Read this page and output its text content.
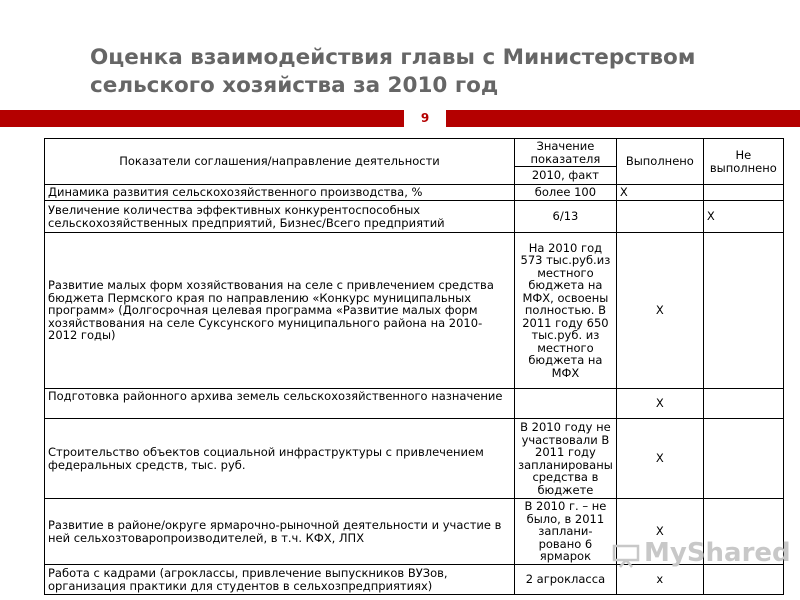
Оценка взаимодействия главы с Министерством
сельского хозяйства за 2010 год
9
Показатели соглашения/направление деятельности	Значение показателя	Выполнено	Не выполнено
	2010, факт		
Динамика развития сельскохозяйственного производства, %	более 100	Х	
Увеличение количества эффективных конкурентоспособных сельскохозяйственных предприятий, Бизнес/Всего предприятий	6/13		Х
Развитие малых форм хозяйствования на селе с привлечением средства бюджета Пермского края по направлению «Конкурс муниципальных программ» (Долгосрочная целевая программа «Развитие малых форм хозяйствования на селе Суксунского муниципального района на 2010-2012 годы)	На 2010 год 573 тыс.руб.из местного бюджета на МФХ, освоены полностью. В 2011 году 650 тыс.руб. из местного бюджета на МФХ	Х	
Подготовка районного архива земель сельскохозяйственного назначение		Х	
Строительство объектов социальной инфраструктуры с привлечением федеральных средств, тыс. руб.	В 2010 году не участвовали В 2011 году запланированы средства в бюджете	Х	
Развитие в районе/округе ярмарочно-рыночной деятельности и участие в ней сельхозтоваропроизводителей, в т.ч. КФХ, ЛПХ	В 2010 г. – не было, в 2011 заплани-ровано 6 ярмарок	Х	
Работа с кадрами (агроклассы, привлечение выпускников ВУЗов, организация практики для студентов в сельхозпредприятиях)	2 агрокласса	х	
MyShared
